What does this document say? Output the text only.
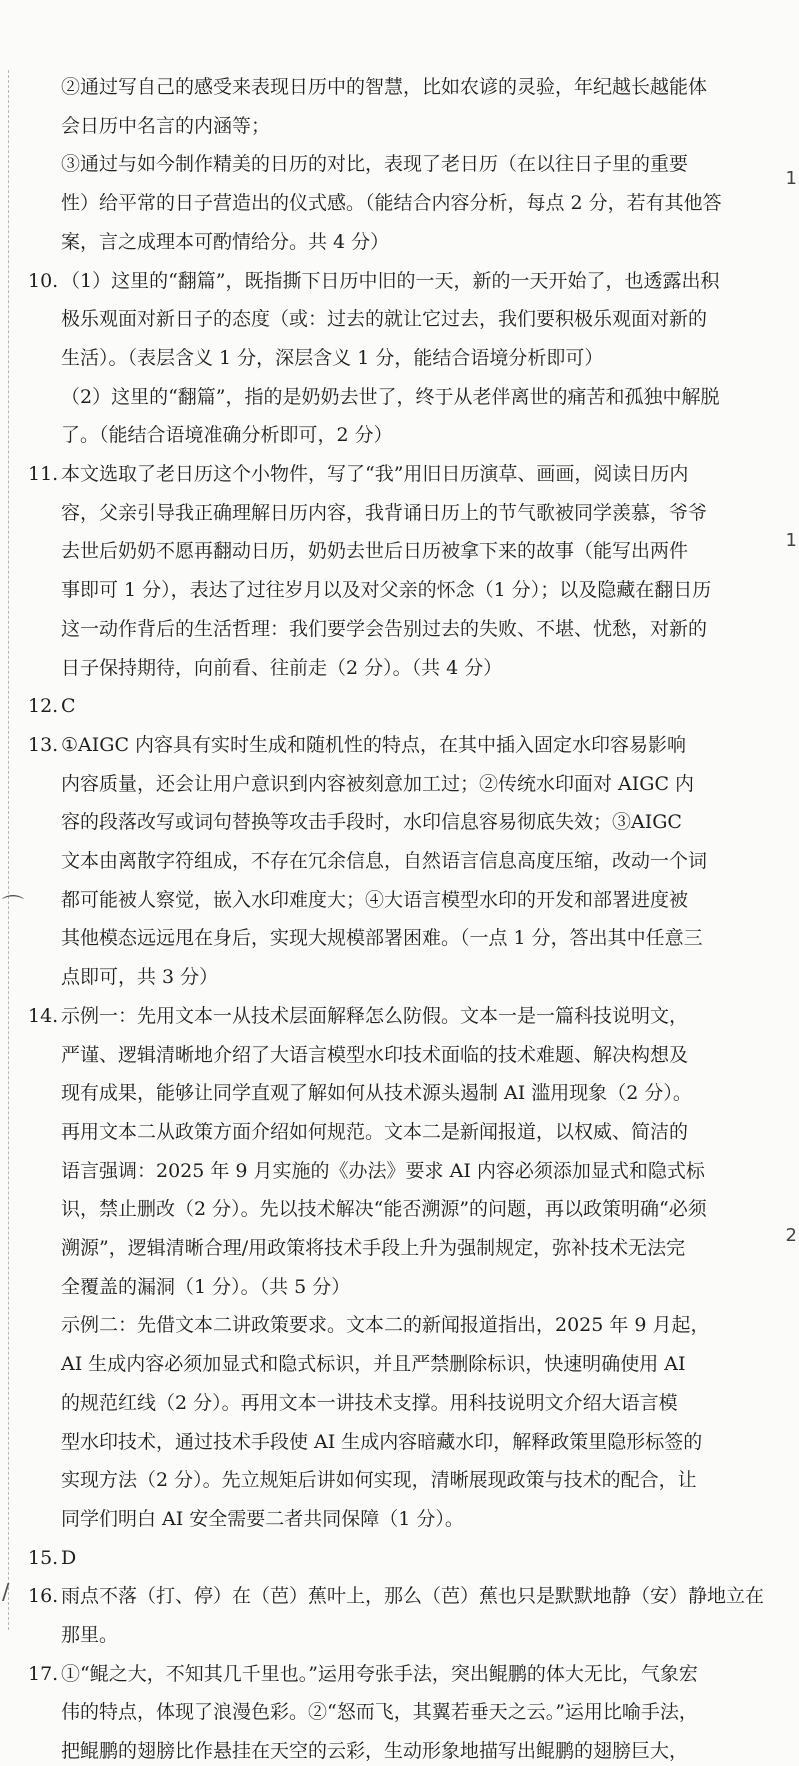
②通过写自己的感受来表现日历中的智慧，比如农谚的灵验，年纪越长越能体
会日历中名言的内涵等；
③通过与如今制作精美的日历的对比，表现了老日历（在以往日子里的重要
性）给平常的日子营造出的仪式感。（能结合内容分析，每点 2 分，若有其他答
案，言之成理本可酌情给分。共 4 分）
10. （1）这里的“翻篇”，既指撕下日历中旧的一天，新的一天开始了，也透露出积
极乐观面对新日子的态度（或：过去的就让它过去，我们要积极乐观面对新的
生活）。（表层含义 1 分，深层含义 1 分，能结合语境分析即可）
（2）这里的“翻篇”，指的是奶奶去世了，终于从老伴离世的痛苦和孤独中解脱
了。（能结合语境准确分析即可，2 分）
11. 本文选取了老日历这个小物件，写了“我”用旧日历演草、画画，阅读日历内
容，父亲引导我正确理解日历内容，我背诵日历上的节气歌被同学羡慕，爷爷
去世后奶奶不愿再翻动日历，奶奶去世后日历被拿下来的故事（能写出两件
事即可 1 分），表达了过往岁月以及对父亲的怀念（1 分）；以及隐藏在翻日历
这一动作背后的生活哲理：我们要学会告别过去的失败、不堪、忧愁，对新的
日子保持期待，向前看、往前走（2 分）。（共 4 分）
12. C
13. ①AIGC 内容具有实时生成和随机性的特点，在其中插入固定水印容易影响
内容质量，还会让用户意识到内容被刻意加工过；②传统水印面对 AIGC 内
容的段落改写或词句替换等攻击手段时，水印信息容易彻底失效；③AIGC
文本由离散字符组成，不存在冗余信息，自然语言信息高度压缩，改动一个词
都可能被人察觉，嵌入水印难度大；④大语言模型水印的开发和部署进度被
其他模态远远甩在身后，实现大规模部署困难。（一点 1 分，答出其中任意三
点即可，共 3 分）
14. 示例一：先用文本一从技术层面解释怎么防假。文本一是一篇科技说明文，
严谨、逻辑清晰地介绍了大语言模型水印技术面临的技术难题、解决构想及
现有成果，能够让同学直观了解如何从技术源头遏制 AI 滥用现象（2 分）。
再用文本二从政策方面介绍如何规范。文本二是新闻报道，以权威、简洁的
语言强调：2025 年 9 月实施的《办法》要求 AI 内容必须添加显式和隐式标
识，禁止删改（2 分）。先以技术解决“能否溯源”的问题，再以政策明确“必须
溯源”，逻辑清晰合理/用政策将技术手段上升为强制规定，弥补技术无法完
全覆盖的漏洞（1 分）。（共 5 分）
示例二：先借文本二讲政策要求。文本二的新闻报道指出，2025 年 9 月起，
AI 生成内容必须加显式和隐式标识，并且严禁删除标识，快速明确使用 AI
的规范红线（2 分）。再用文本一讲技术支撑。用科技说明文介绍大语言模
型水印技术，通过技术手段使 AI 生成内容暗藏水印，解释政策里隐形标签的
实现方法（2 分）。先立规矩后讲如何实现，清晰展现政策与技术的配合，让
同学们明白 AI 安全需要二者共同保障（1 分）。
15. D
16. 雨点不落（打、停）在（芭）蕉叶上，那么（芭）蕉也只是默默地静（安）静地立在
那里。
17. ①“鲲之大，不知其几千里也。”运用夸张手法，突出鲲鹏的体大无比，气象宏
伟的特点，体现了浪漫色彩。②“怒而飞，其翼若垂天之云。”运用比喻手法，
把鲲鹏的翅膀比作悬挂在天空的云彩，生动形象地描写出鲲鹏的翅膀巨大，
1
1
2
⌒
∕
